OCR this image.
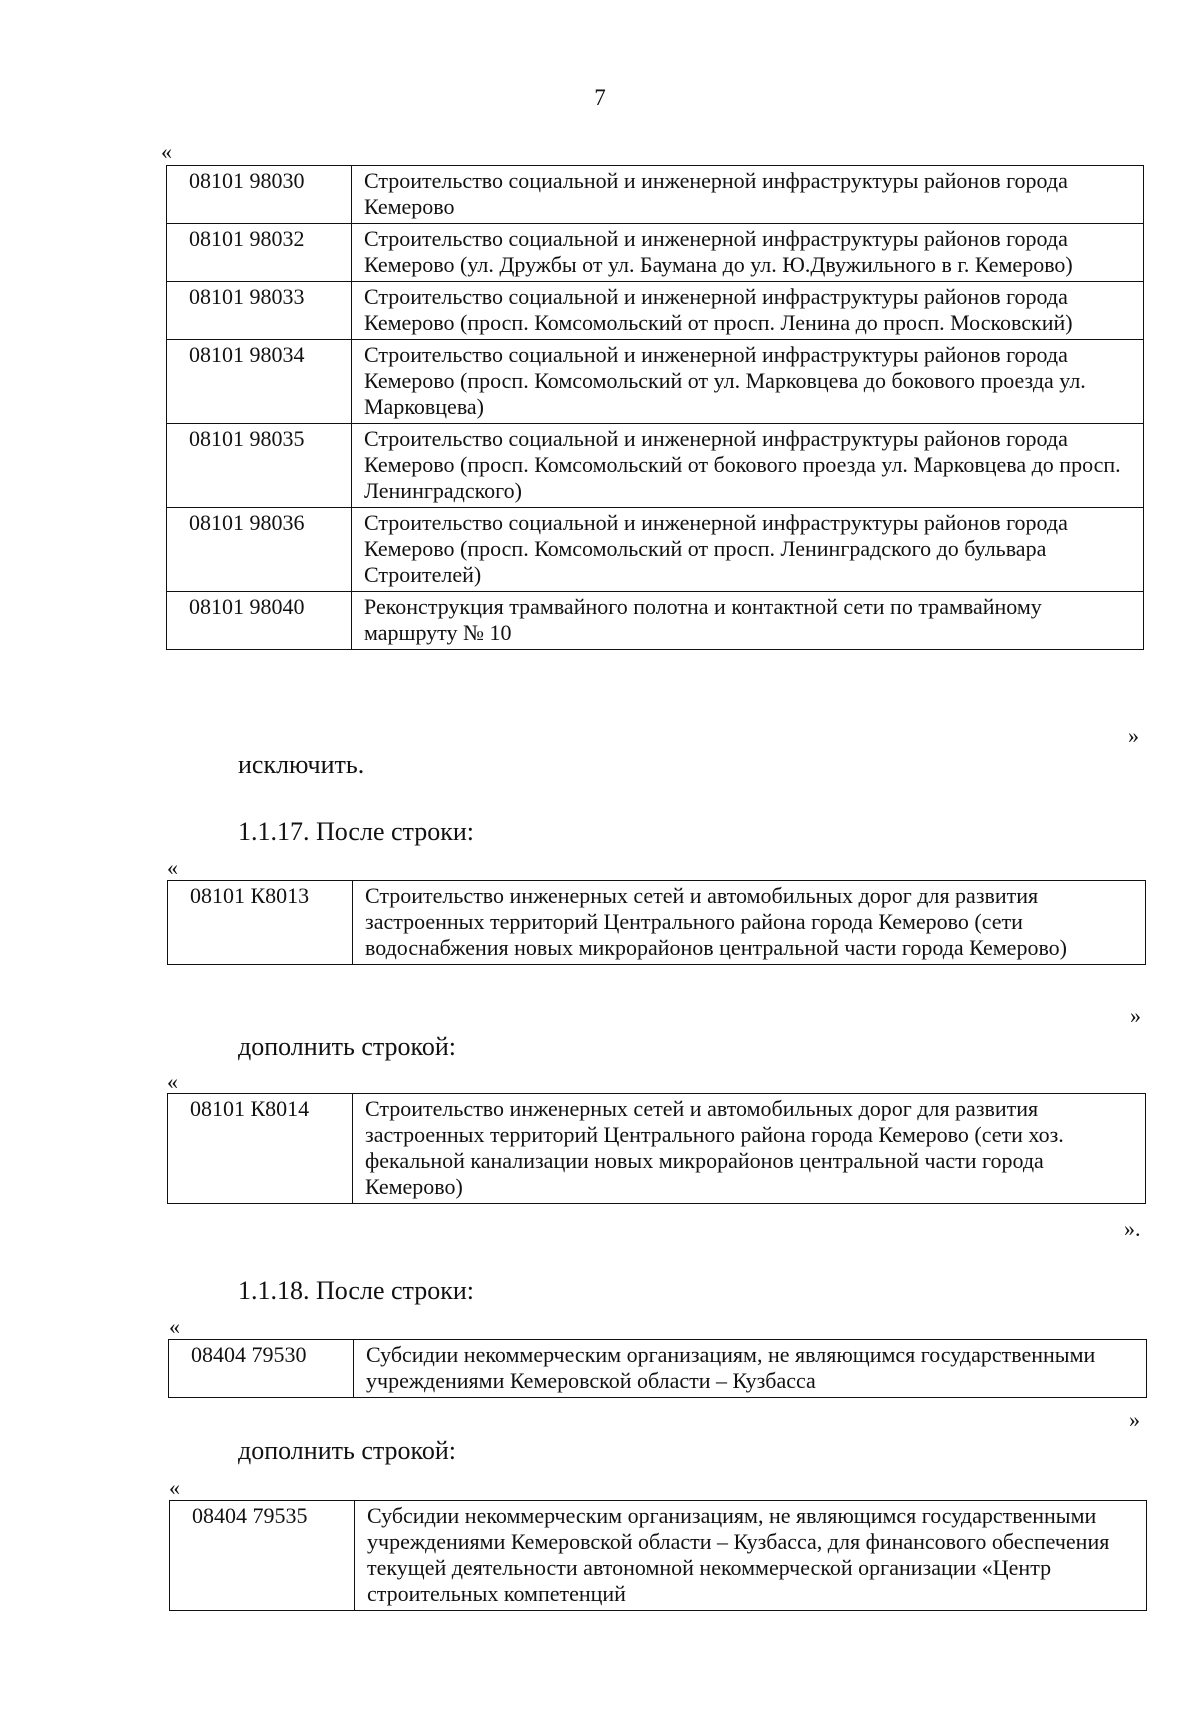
7
«
08101 98030	Строительство социальной и инженерной инфраструктуры районов города Кемерово
08101 98032	Строительство социальной и инженерной инфраструктуры районов города Кемерово (ул. Дружбы от ул. Баумана до ул. Ю.Двужильного в г. Кемерово)
08101 98033	Строительство социальной и инженерной инфраструктуры районов города Кемерово (просп. Комсомольский от просп. Ленина до просп. Московский)
08101 98034	Строительство социальной и инженерной инфраструктуры районов города Кемерово (просп. Комсомольский от ул. Марковцева до бокового проезда ул. Марковцева)
08101 98035	Строительство социальной и инженерной инфраструктуры районов города Кемерово (просп. Комсомольский от бокового проезда ул. Марковцева до просп. Ленинградского)
08101 98036	Строительство социальной и инженерной инфраструктуры районов города Кемерово (просп. Комсомольский от просп. Ленинградского до бульвара Строителей)
08101 98040	Реконструкция трамвайного полотна и контактной сети по трамвайному маршруту № 10
»
исключить.
1.1.17. После строки:
«
08101 К8013	Строительство инженерных сетей и автомобильных дорог для развития застроенных территорий Центрального района города Кемерово (сети водоснабжения новых микрорайонов центральной части города Кемерово)
»
дополнить строкой:
«
08101 К8014	Строительство инженерных сетей и автомобильных дорог для развития застроенных территорий Центрального района города Кемерово (сети хоз. фекальной канализации новых микрорайонов центральной части города Кемерово)
».
1.1.18. После строки:
«
08404 79530	Субсидии некоммерческим организациям, не являющимся государственными учреждениями Кемеровской области – Кузбасса
»
дополнить строкой:
«
08404 79535	Субсидии некоммерческим организациям, не являющимся государственными учреждениями Кемеровской области – Кузбасса, для финансового обеспечения текущей деятельности автономной некоммерческой организации «Центр строительных компетенций
